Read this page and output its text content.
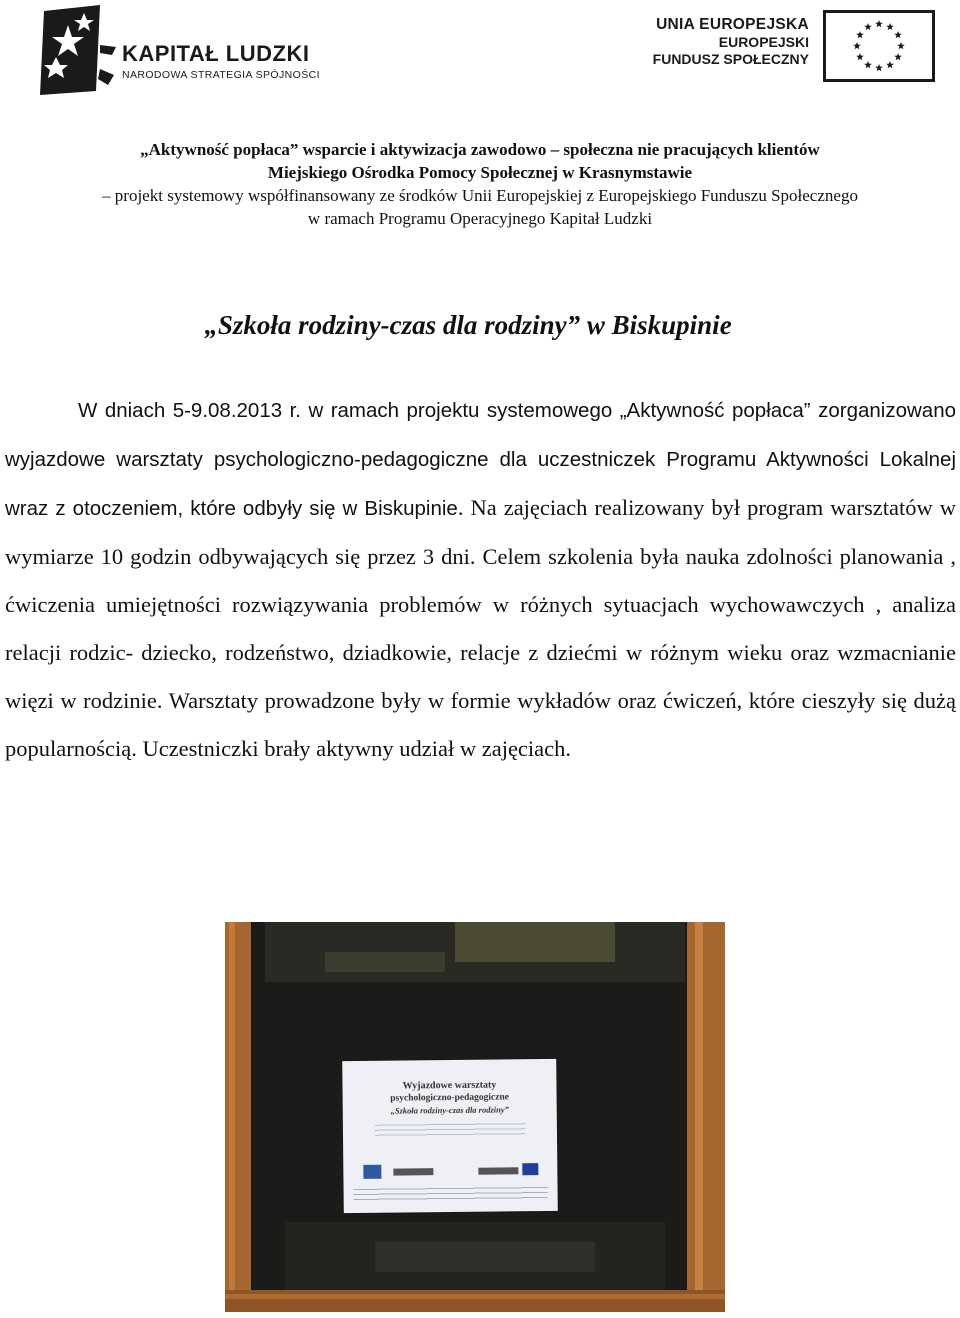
KAPITAŁ LUDZKI
NARODOWA STRATEGIA SPÓJNOŚCI
UNIA EUROPEJSKA
EUROPEJSKI
FUNDUSZ SPOŁECZNY
„Aktywność popłaca” wsparcie i aktywizacja zawodowo – społeczna nie pracujących klientów
Miejskiego Ośrodka Pomocy Społecznej w Krasnymstawie
– projekt systemowy współfinansowany ze środków Unii Europejskiej z Europejskiego Funduszu Społecznego
w ramach Programu Operacyjnego Kapitał Ludzki
„Szkoła rodziny-czas dla rodziny” w Biskupinie

W dniach 5-9.08.2013 r. w ramach projektu systemowego „Aktywność popłaca” zorganizowano wyjazdowe warsztaty psychologiczno-pedagogiczne dla uczestniczek Programu Aktywności Lokalnej wraz z otoczeniem, które odbyły się w Biskupinie. Na zajęciach realizowany był program warsztatów w wymiarze 10 godzin odbywających się przez 3 dni. Celem szkolenia była nauka zdolności planowania , ćwiczenia umiejętności rozwiązywania problemów w różnych sytuacjach wychowawczych , analiza relacji rodzic- dziecko, rodzeństwo, dziadkowie, relacje z dziećmi w różnym wieku oraz wzmacnianie więzi w rodzinie. Warsztaty prowadzone były w formie wykładów oraz ćwiczeń, które cieszyły się dużą popularnością. Uczestniczki brały aktywny udział w zajęciach.

Wyjazdowe warsztaty
psychologiczno-pedagogiczne
„Szkoła rodziny-czas dla rodziny”
